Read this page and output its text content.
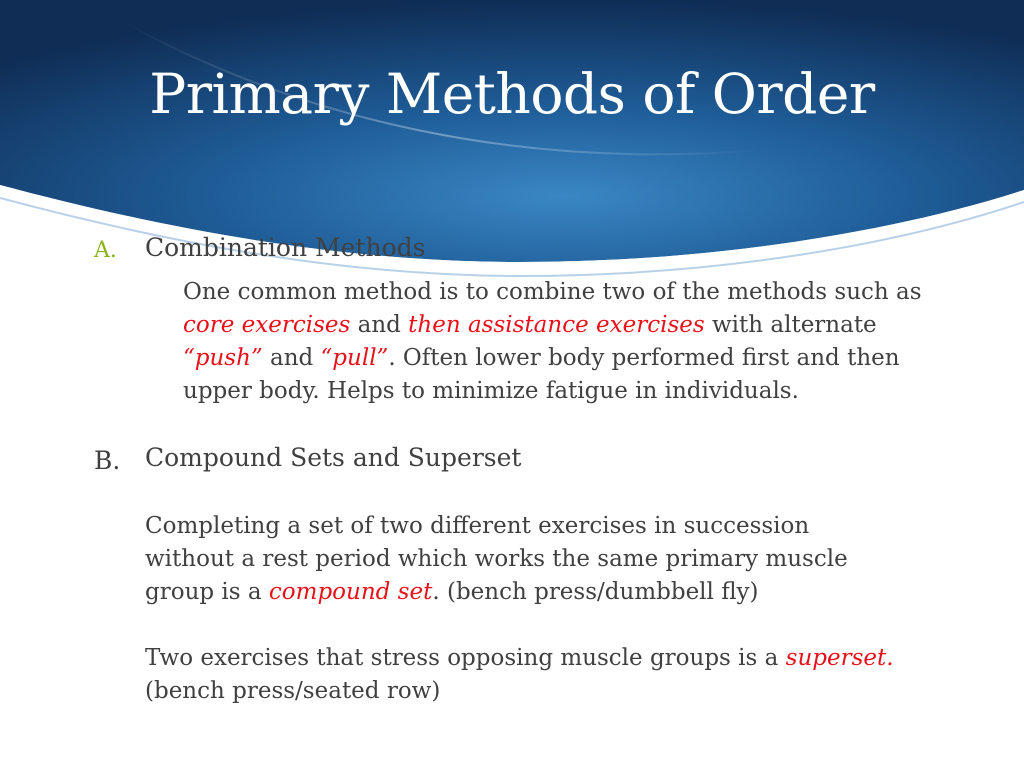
Primary Methods of Order
A. Combination Methods

One common method is to combine two of the methods such as core exercises and then assistance exercises with alternate “push” and “pull”. Often lower body performed first and then upper body. Helps to minimize fatigue in individuals.

B. Compound Sets and Superset

Completing a set of two different exercises in succession without a rest period which works the same primary muscle group is a compound set. (bench press/dumbbell fly)

Two exercises that stress opposing muscle groups is a superset. (bench press/seated row)
